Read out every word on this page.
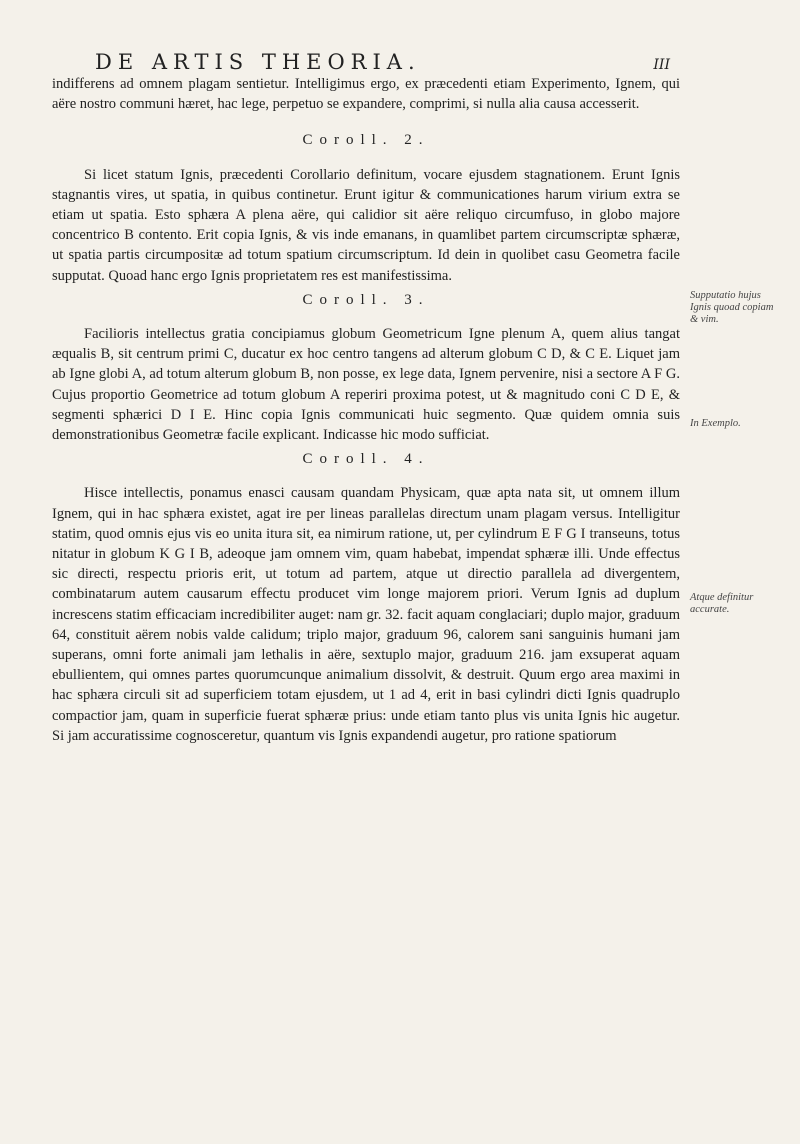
DE ARTIS THEORIA.	III

indifferens ad omnem plagam sentietur. Intelligimus ergo, ex præcedenti etiam Experimento, Ignem, qui aëre nostro communi hæret, hac lege, perpetuo se expandere, comprimi, si nulla alia causa accesserit.

Coroll. 2.

Si licet statum Ignis, præcedenti Corollario definitum, vocare ejusdem stagnationem. Erunt Ignis stagnantis vires, ut spatia, in quibus continetur. Erunt igitur & communicationes harum virium extra se etiam ut spatia. Esto sphæra A plena aëre, qui calidior sit aëre reliquo circumfuso, in globo majore concentrico B contento. Erit copia Ignis, & vis inde emanans, in quamlibet partem circumscriptæ sphæræ, ut spatia partis circumpositæ ad totum spatium circumscriptum. Id dein in quolibet casu Geometra facile supputat. Quoad hanc ergo Ignis proprietatem res est manifestissima.

Coroll. 3.

Facilioris intellectus gratia concipiamus globum Geometricum Igne plenum A, quem alius tangat æqualis B, sit centrum primi C, ducatur ex hoc centro tangens ad alterum globum C D, & C E. Liquet jam ab Igne globi A, ad totum alterum globum B, non posse, ex lege data, Ignem pervenire, nisi a sectore A F G. Cujus proportio Geometrice ad totum globum A reperiri proxima potest, ut & magnitudo coni C D E, & segmenti sphærici D I E. Hinc copia Ignis communicati huic segmento. Quæ quidem omnia suis demonstrationibus Geometræ facile explicant. Indicasse hic modo sufficiat.

Coroll. 4.

Hisce intellectis, ponamus enasci causam quandam Physicam, quæ apta nata sit, ut omnem illum Ignem, qui in hac sphæra existet, agat ire per lineas parallelas directum unam plagam versus. Intelligitur statim, quod omnis ejus vis eo unita itura sit, ea nimirum ratione, ut, per cylindrum E F G I transeuns, totus nitatur in globum K G I B, adeoque jam omnem vim, quam habebat, impendat sphæræ illi. Unde effectus sic directi, respectu prioris erit, ut totum ad partem, atque ut directio parallela ad divergentem, combinatarum autem causarum effectu producet vim longe majorem priori. Verum Ignis ad duplum increscens statim efficaciam incredibiliter auget: nam gr. 32. facit aquam conglaciari; duplo major, graduum 64, constituit aërem nobis valde calidum; triplo major, graduum 96, calorem sani sanguinis humani jam superans, omni forte animali jam lethalis in aëre, sextuplo major, graduum 216. jam exsuperat aquam ebullientem, qui omnes partes quorumcunque animalium dissolvit, & destruit. Quum ergo area maximi in hac sphæra circuli sit ad superficiem totam ejusdem, ut 1 ad 4, erit in basi cylindri dicti Ignis quadruplo compactior jam, quam in superficie fuerat sphæræ prius: unde etiam tanto plus vis unita Ignis hic augetur. Si jam accuratissime cognosceretur, quantum vis Ignis expandendi augetur, pro ratione spatiorum

Supputatio hujus Ignis quoad copiam & vim.
In Exemplo.
Atque definitur accurate.
